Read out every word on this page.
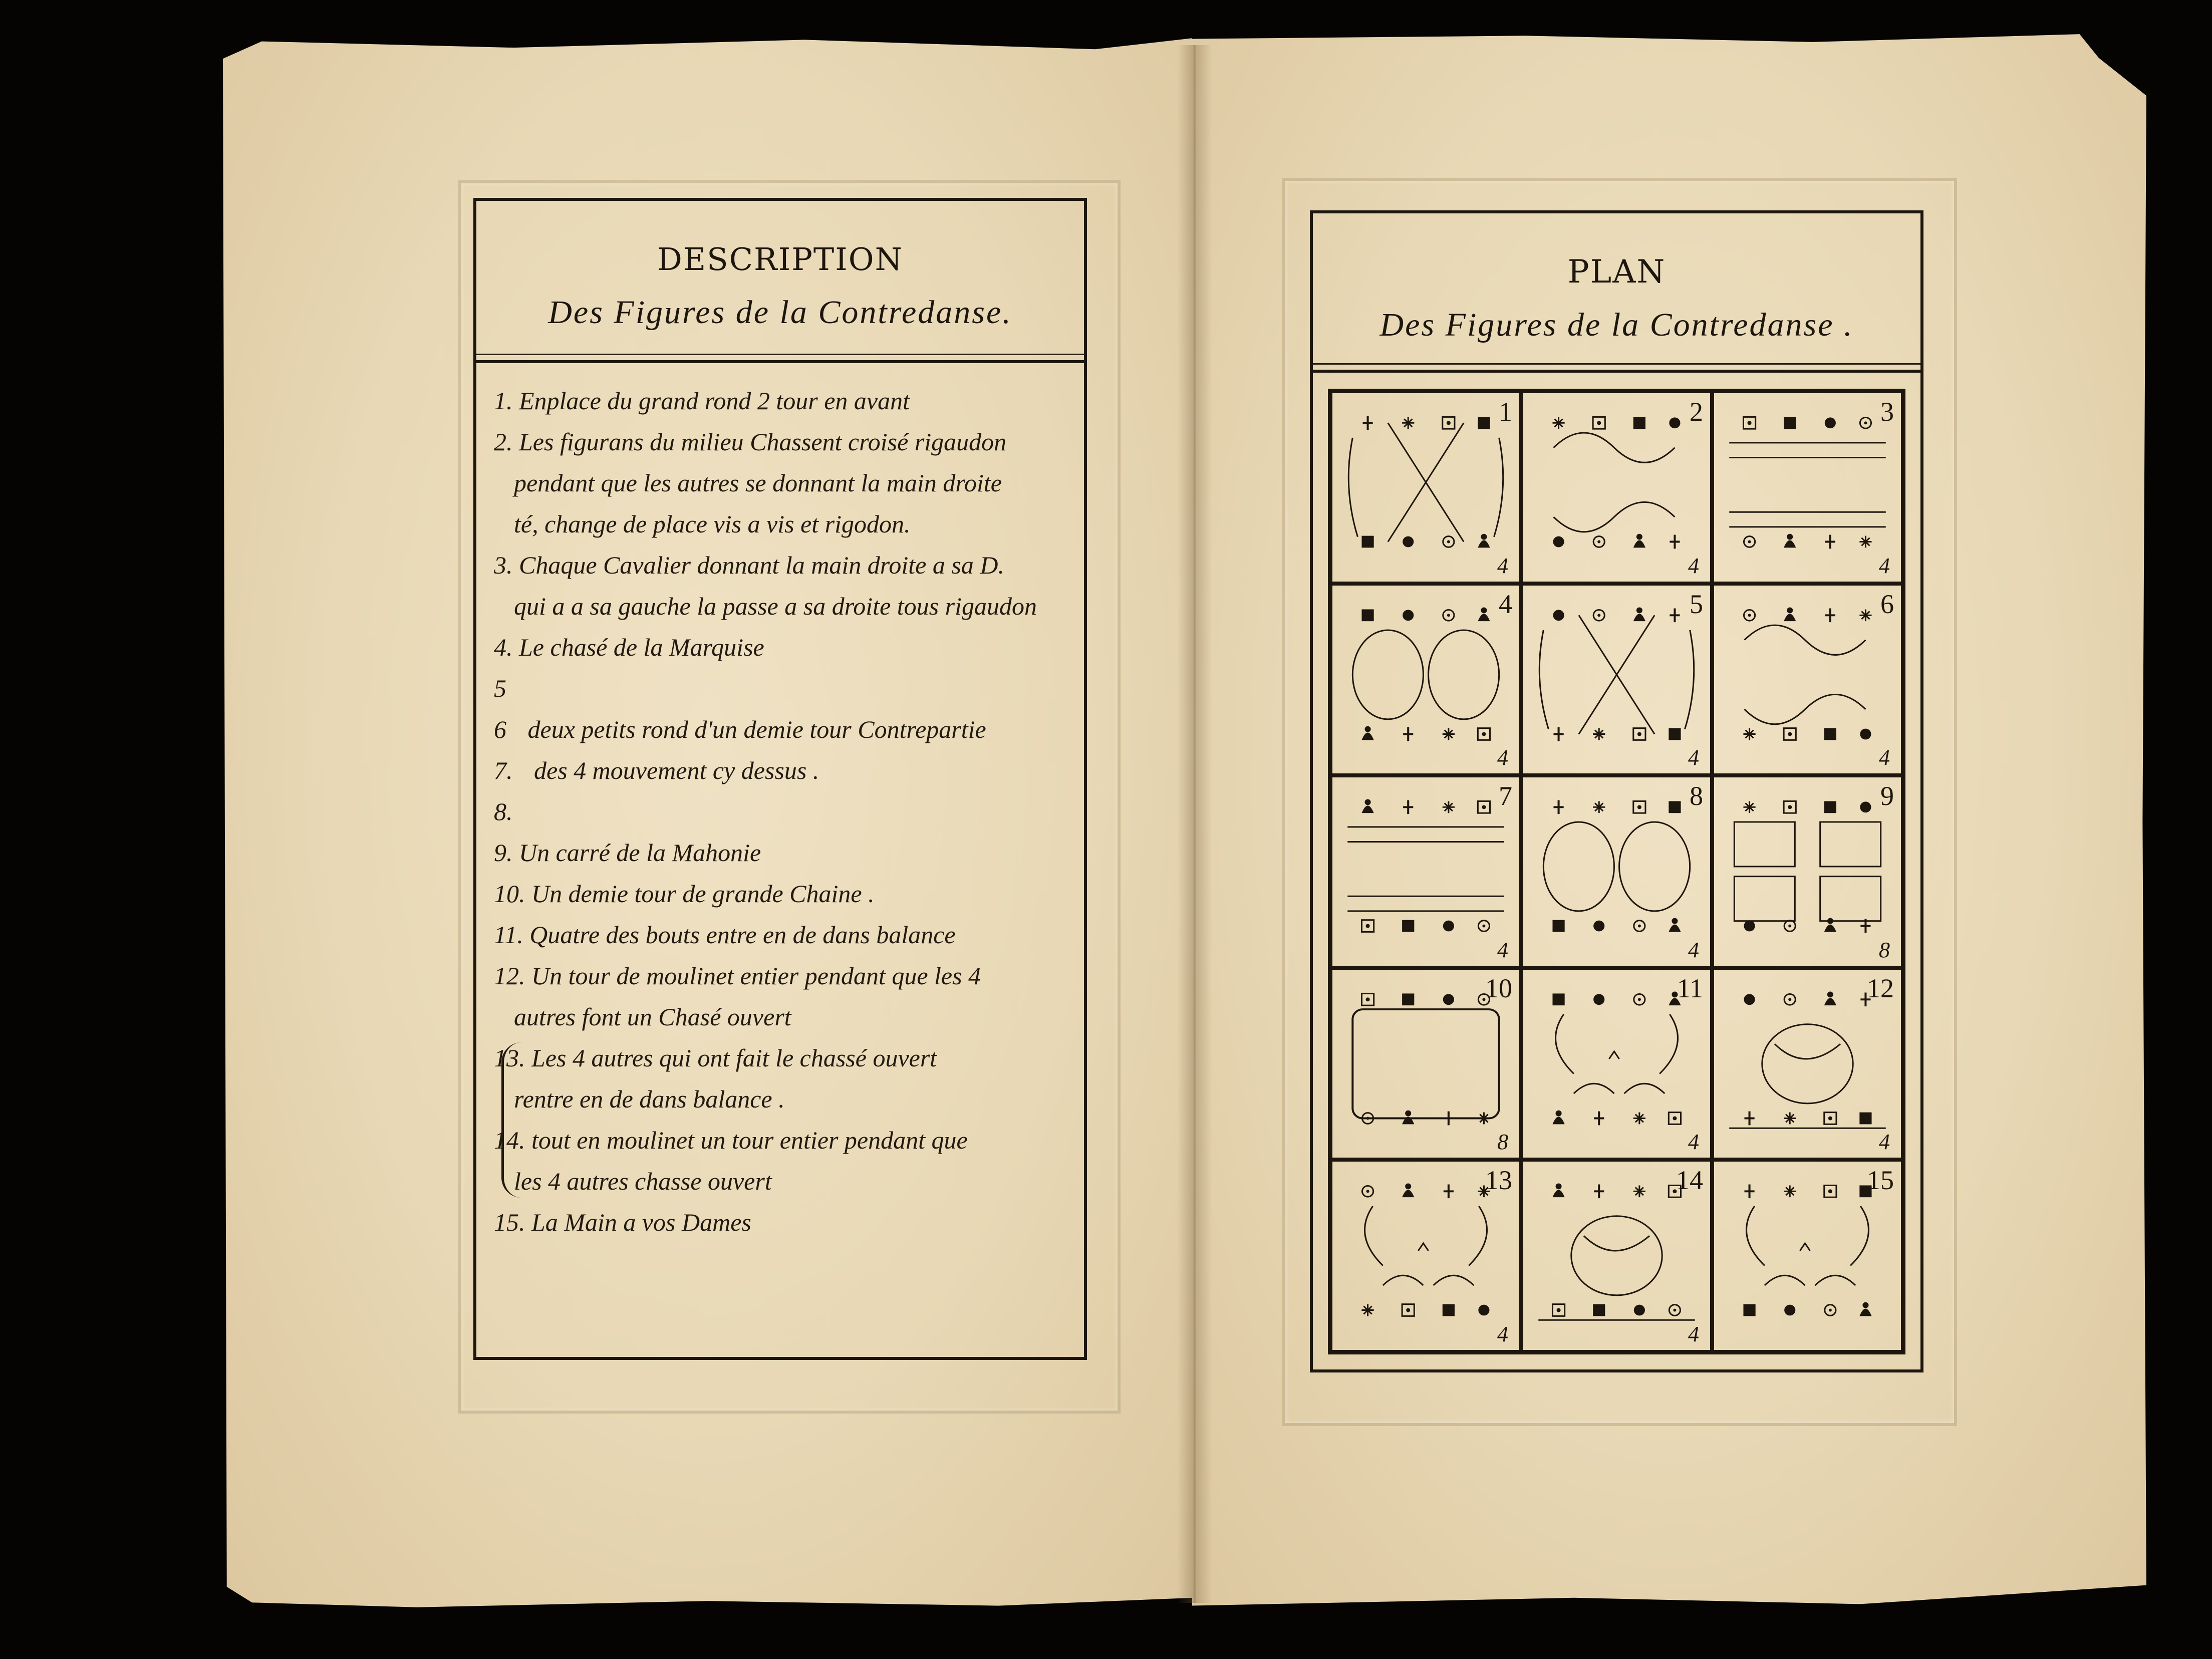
DESCRIPTION
Des Figures de la Contredanse.
1. Enplace du grand rond 2 tour en avant
2. Les figurans du milieu Chassent croisé rigaudon
pendant que les autres se donnant la main droite
té, change de place vis a vis et rigodon.
3. Chaque Cavalier donnant la main droite a sa D.
qui a a sa gauche la passe a sa droite tous rigaudon
4. Le chasé de la Marquise
5
6 deux petits rond d'un demie tour Contrepartie
7. des 4 mouvement cy dessus .
8.
9. Un carré de la Mahonie
10. Un demie tour de grande Chaine .
11. Quatre des bouts entre en de dans balance
12. Un tour de moulinet entier pendant que les 4
autres font un Chasé ouvert
13. Les 4 autres qui ont fait le chassé ouvert
rentre en de dans balance .
14. tout en moulinet un tour entier pendant que
les 4 autres chasse ouvert
15. La Main a vos Dames
PLAN
Des Figures de la Contredanse .
1
4
2
4
3
4
4
4
5
4
6
4
7
4
8
4
9
8
10
8
11
4
12
4
13
4
14
4
15
